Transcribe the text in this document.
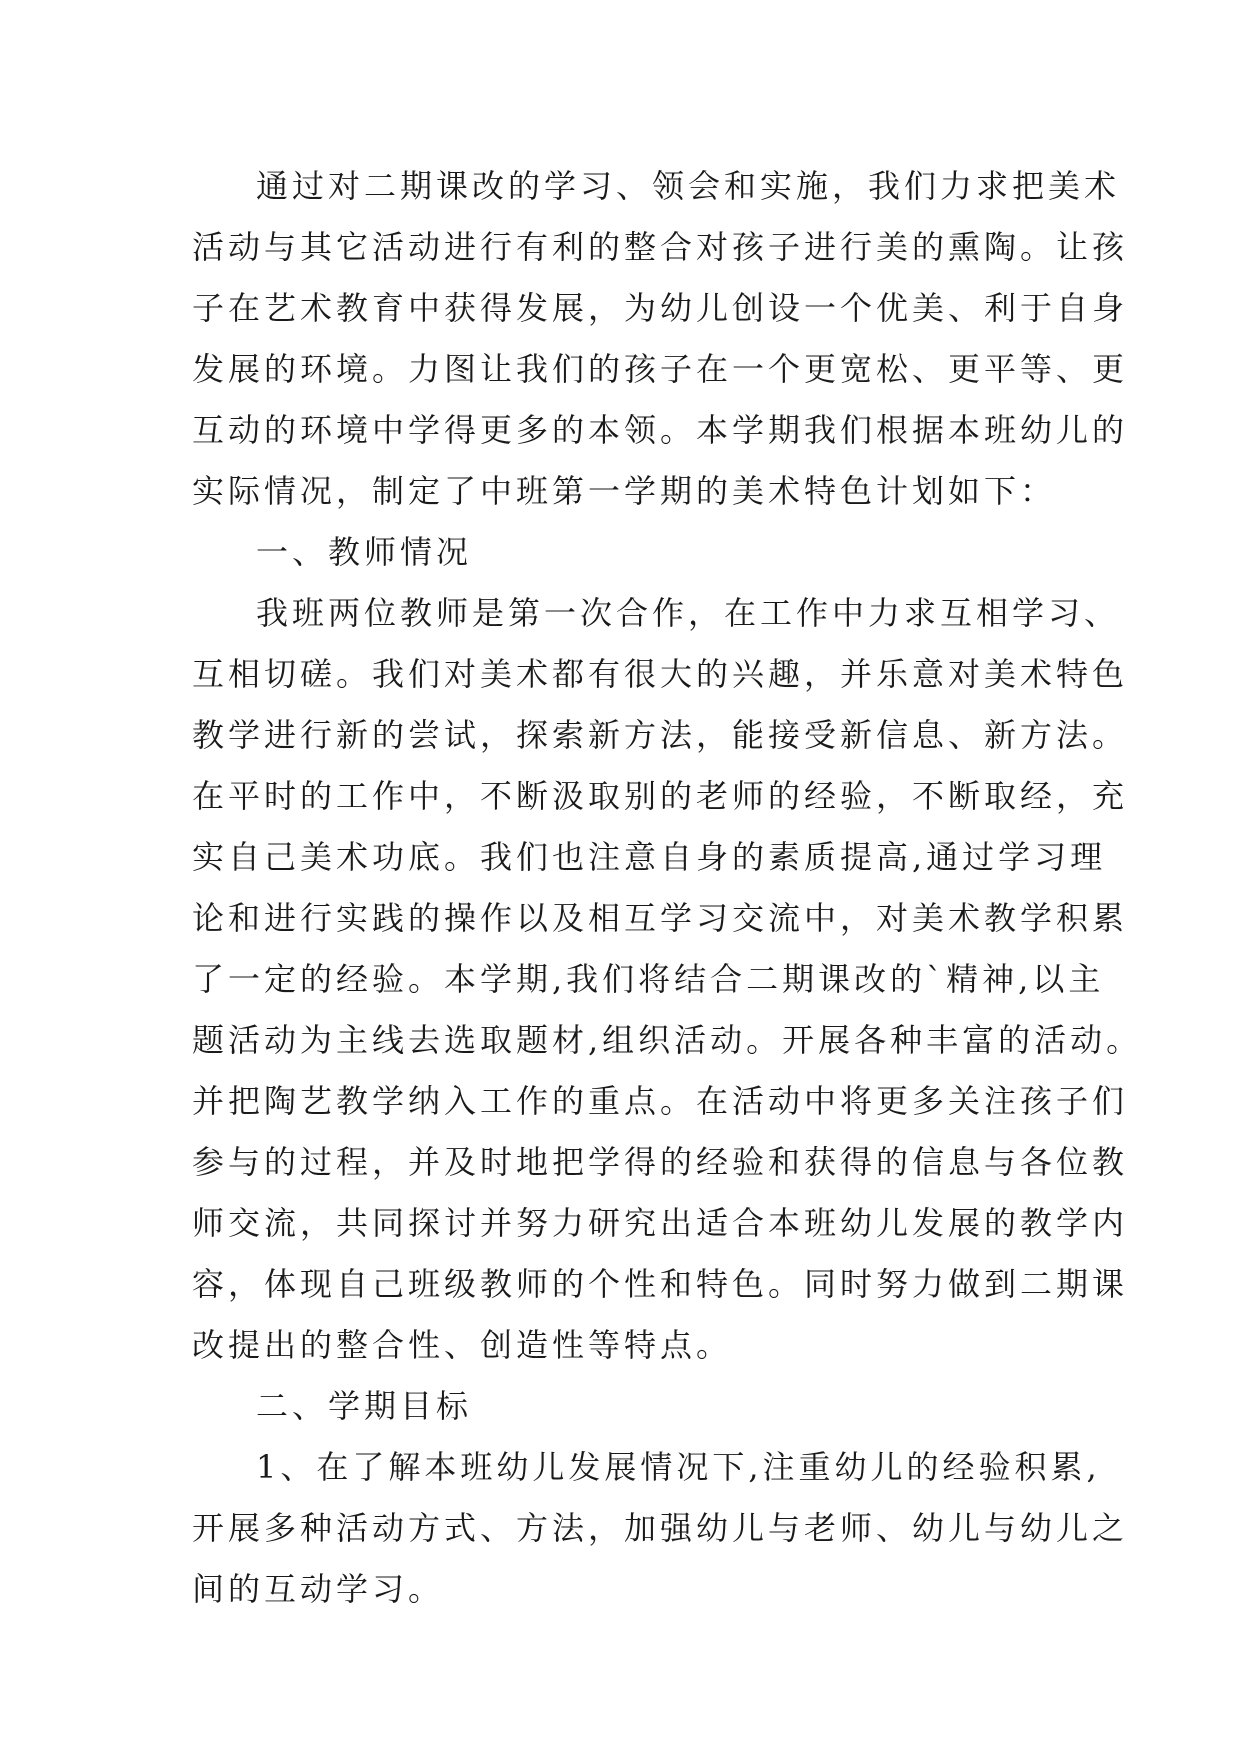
通过对二期课改的学习、领会和实施，我们力求把美术
活动与其它活动进行有利的整合对孩子进行美的熏陶。让孩
子在艺术教育中获得发展，为幼儿创设一个优美、利于自身
发展的环境。力图让我们的孩子在一个更宽松、更平等、更
互动的环境中学得更多的本领。本学期我们根据本班幼儿的
实际情况，制定了中班第一学期的美术特色计划如下：
一、教师情况
我班两位教师是第一次合作，在工作中力求互相学习、
互相切磋。我们对美术都有很大的兴趣，并乐意对美术特色
教学进行新的尝试，探索新方法，能接受新信息、新方法。
在平时的工作中，不断汲取别的老师的经验，不断取经，充
实自己美术功底。我们也注意自身的素质提高,通过学习理
论和进行实践的操作以及相互学习交流中，对美术教学积累
了一定的经验。本学期,我们将结合二期课改的`精神,以主
题活动为主线去选取题材,组织活动。开展各种丰富的活动。
并把陶艺教学纳入工作的重点。在活动中将更多关注孩子们
参与的过程，并及时地把学得的经验和获得的信息与各位教
师交流，共同探讨并努力研究出适合本班幼儿发展的教学内
容，体现自己班级教师的个性和特色。同时努力做到二期课
改提出的整合性、创造性等特点。
二、学期目标
1、在了解本班幼儿发展情况下,注重幼儿的经验积累,
开展多种活动方式、方法，加强幼儿与老师、幼儿与幼儿之
间的互动学习。
